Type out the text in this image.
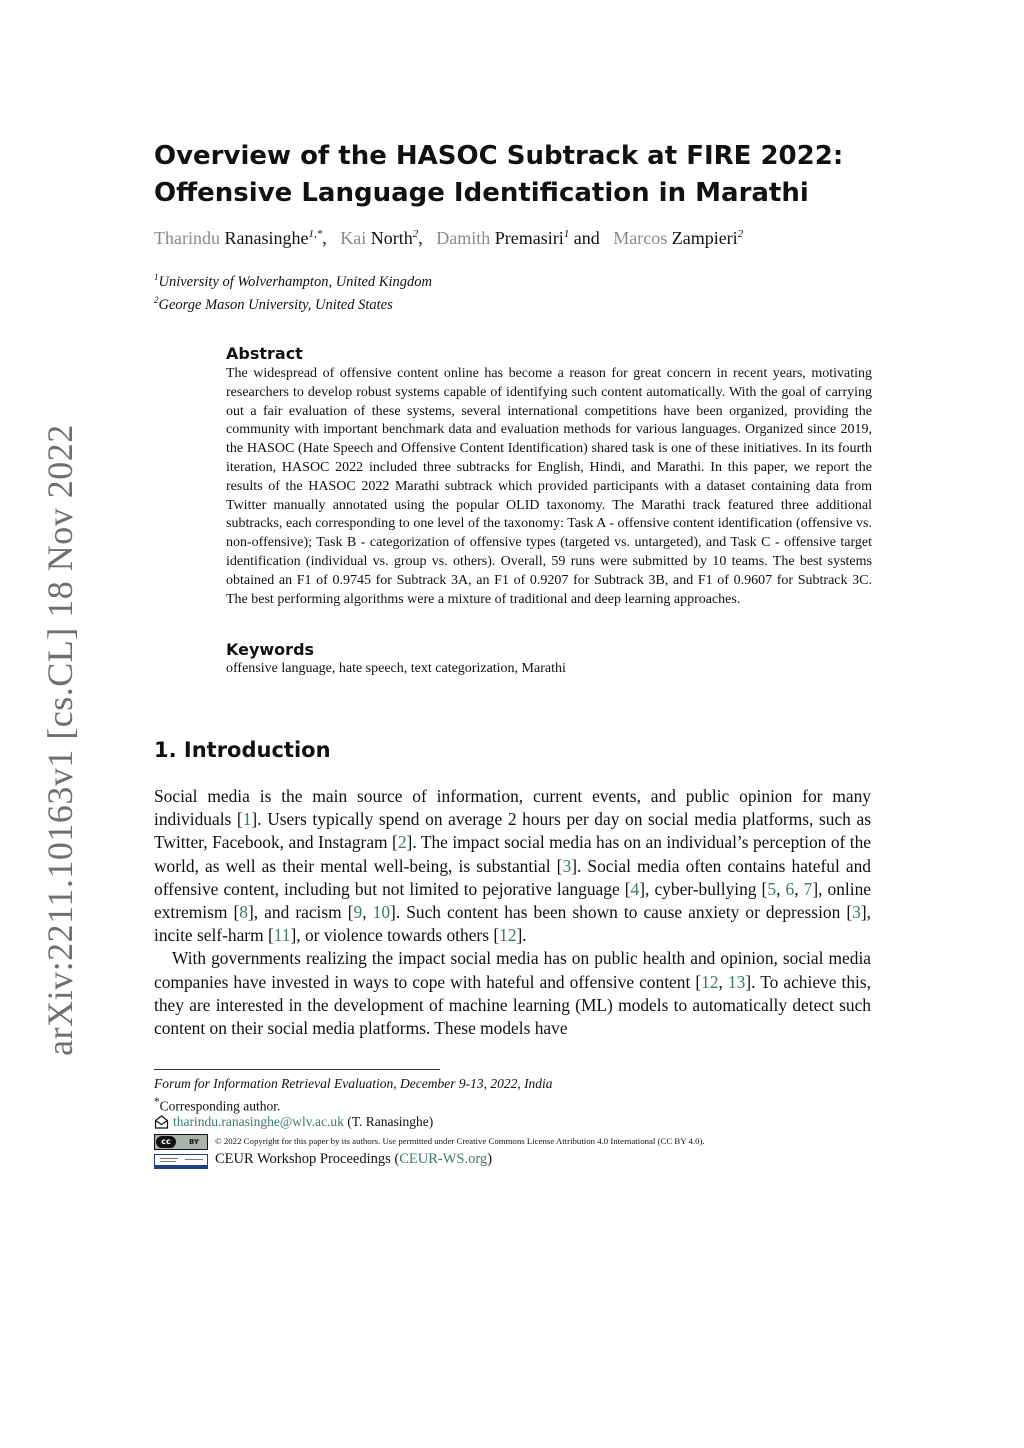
arXiv:2211.10163v1 [cs.CL] 18 Nov 2022
Overview of the HASOC Subtrack at FIRE 2022:
Offensive Language Identification in Marathi
Tharindu Ranasinghe$^{1,*}$,   Kai North$^2$,   Damith Premasiri$^1$ and   Marcos Zampieri$^2$
$^1$University of Wolverhampton, United Kingdom
$^2$George Mason University, United States
Abstract
The widespread of offensive content online has become a reason for great concern in recent years, motivating researchers to develop robust systems capable of identifying such content automatically. With the goal of carrying out a fair evaluation of these systems, several international competitions have been organized, providing the community with important benchmark data and evaluation methods for various languages. Organized since 2019, the HASOC (Hate Speech and Offensive Content Identification) shared task is one of these initiatives. In its fourth iteration, HASOC 2022 included three subtracks for English, Hindi, and Marathi. In this paper, we report the results of the HASOC 2022 Marathi subtrack which provided participants with a dataset containing data from Twitter manually annotated using the popular OLID taxonomy. The Marathi track featured three additional subtracks, each corresponding to one level of the taxonomy: Task A - offensive content identification (offensive vs. non-offensive); Task B - categorization of offensive types (targeted vs. untargeted), and Task C - offensive target identification (individual vs. group vs. others). Overall, 59 runs were submitted by 10 teams. The best systems obtained an F1 of 0.9745 for Subtrack 3A, an F1 of 0.9207 for Subtrack 3B, and F1 of 0.9607 for Subtrack 3C. The best performing algorithms were a mixture of traditional and deep learning approaches.
Keywords
offensive language, hate speech, text categorization, Marathi
1. Introduction

Social media is the main source of information, current events, and public opinion for many individuals [1]. Users typically spend on average 2 hours per day on social media platforms, such as Twitter, Facebook, and Instagram [2]. The impact social media has on an individual’s perception of the world, as well as their mental well-being, is substantial [3]. Social media often contains hateful and offensive content, including but not limited to pejorative language [4], cyber-bullying [5, 6, 7], online extremism [8], and racism [9, 10]. Such content has been shown to cause anxiety or depression [3], incite self-harm [11], or violence towards others [12].

With governments realizing the impact social media has on public health and opinion, social media companies have invested in ways to cope with hateful and offensive content [12, 13]. To achieve this, they are interested in the development of machine learning (ML) models to automatically detect such content on their social media platforms. These models have

Forum for Information Retrieval Evaluation, December 9-13, 2022, India
*Corresponding author.
tharindu.ranasinghe@wlv.ac.uk (T. Ranasinghe)
cc	BY	© 2022 Copyright for this paper by its authors. Use permitted under Creative Commons License Attribution 4.0 International (CC BY 4.0).
CEUR Workshop Proceedings (CEUR-WS.org)
